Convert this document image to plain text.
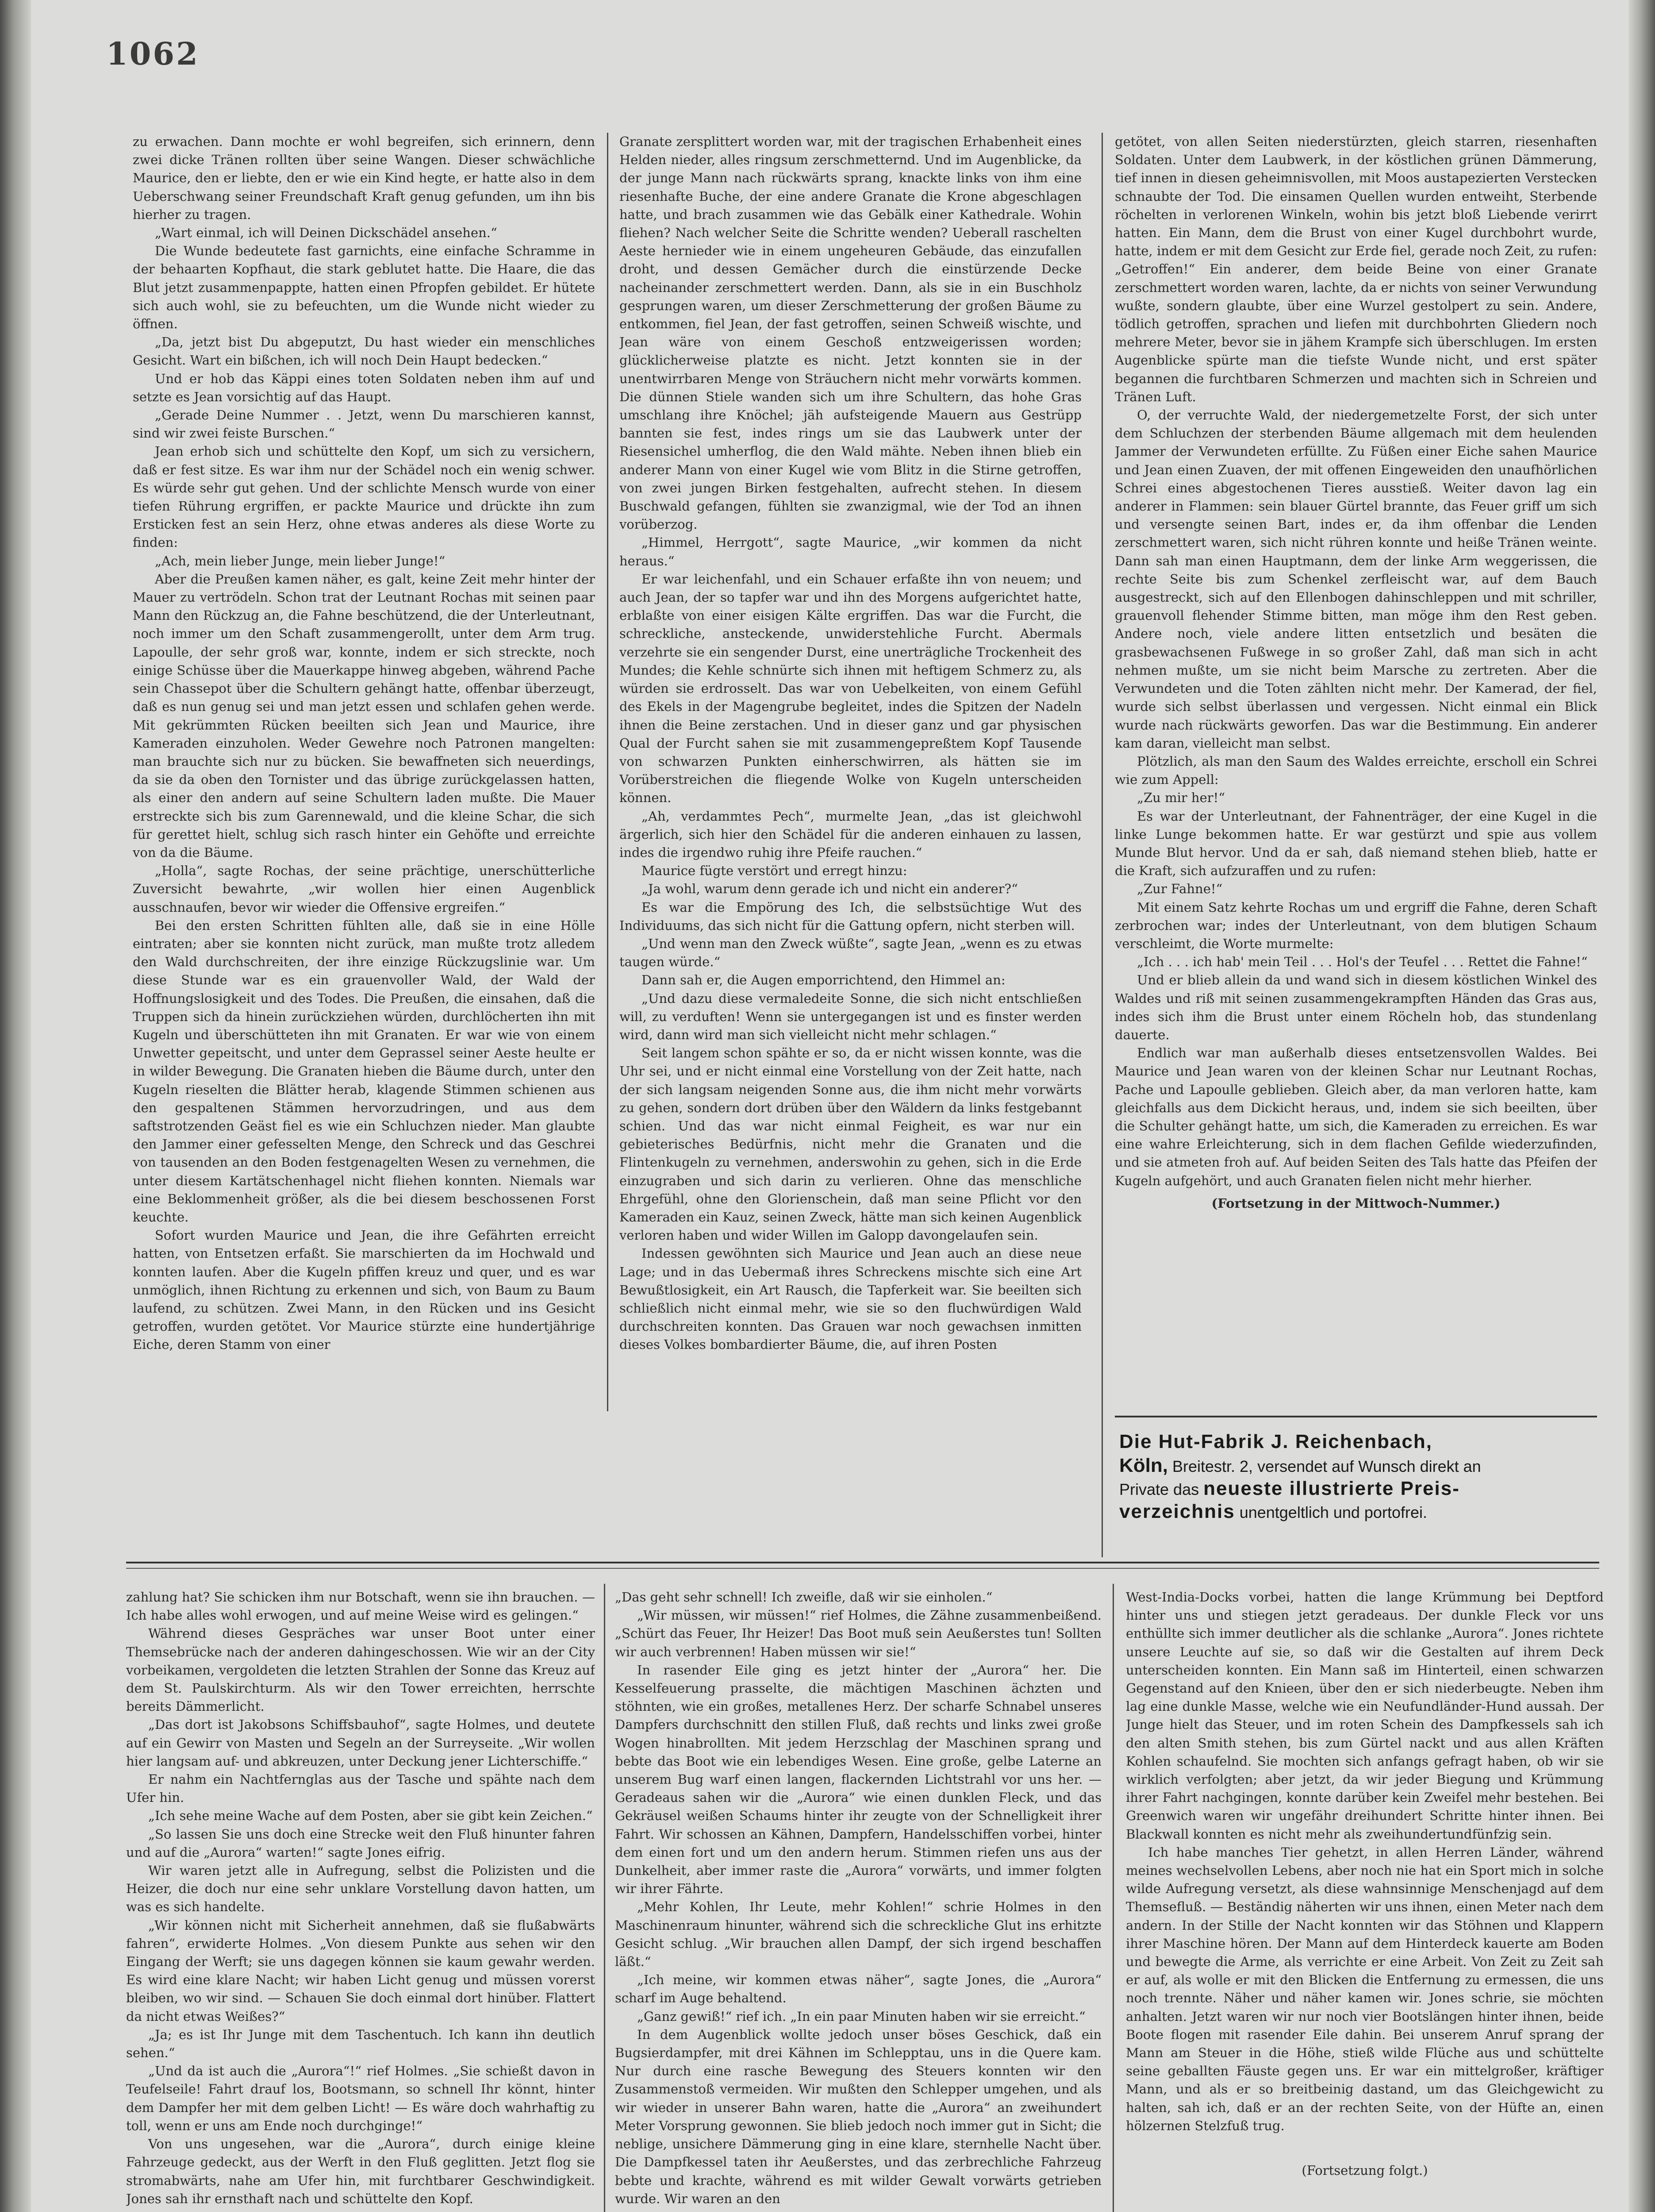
1062

zu erwachen. Dann mochte er wohl begreifen, sich erinnern, denn zwei dicke Tränen rollten über seine Wangen. Dieser schwächliche Maurice, den er liebte, den er wie ein Kind hegte, er hatte also in dem Ueberschwang seiner Freundschaft Kraft genug gefunden, um ihn bis hierher zu tragen.

„Wart einmal, ich will Deinen Dickschädel ansehen.“

Die Wunde bedeutete fast garnichts, eine einfache Schramme in der behaarten Kopfhaut, die stark geblutet hatte. Die Haare, die das Blut jetzt zusammenpappte, hatten einen Pfropfen gebildet. Er hütete sich auch wohl, sie zu befeuchten, um die Wunde nicht wieder zu öffnen.

„Da, jetzt bist Du abgeputzt, Du hast wieder ein menschliches Gesicht. Wart ein bißchen, ich will noch Dein Haupt bedecken.“

Und er hob das Käppi eines toten Soldaten neben ihm auf und setzte es Jean vorsichtig auf das Haupt.

„Gerade Deine Nummer . . Jetzt, wenn Du marschieren kannst, sind wir zwei feiste Burschen.“

Jean erhob sich und schüttelte den Kopf, um sich zu versichern, daß er fest sitze. Es war ihm nur der Schädel noch ein wenig schwer. Es würde sehr gut gehen. Und der schlichte Mensch wurde von einer tiefen Rührung ergriffen, er packte Maurice und drückte ihn zum Ersticken fest an sein Herz, ohne etwas anderes als diese Worte zu finden:

„Ach, mein lieber Junge, mein lieber Junge!“

Aber die Preußen kamen näher, es galt, keine Zeit mehr hinter der Mauer zu vertrödeln. Schon trat der Leutnant Rochas mit seinen paar Mann den Rückzug an, die Fahne beschützend, die der Unterleutnant, noch immer um den Schaft zusammengerollt, unter dem Arm trug. Lapoulle, der sehr groß war, konnte, indem er sich streckte, noch einige Schüsse über die Mauerkappe hinweg abgeben, während Pache sein Chassepot über die Schultern gehängt hatte, offenbar überzeugt, daß es nun genug sei und man jetzt essen und schlafen gehen werde. Mit gekrümmten Rücken beeilten sich Jean und Maurice, ihre Kameraden einzuholen. Weder Gewehre noch Patronen mangelten: man brauchte sich nur zu bücken. Sie bewaffneten sich neuerdings, da sie da oben den Tornister und das übrige zurückgelassen hatten, als einer den andern auf seine Schultern laden mußte. Die Mauer erstreckte sich bis zum Garennewald, und die kleine Schar, die sich für gerettet hielt, schlug sich rasch hinter ein Gehöfte und erreichte von da die Bäume.

„Holla“, sagte Rochas, der seine prächtige, unerschütterliche Zuversicht bewahrte, „wir wollen hier einen Augenblick ausschnaufen, bevor wir wieder die Offensive ergreifen.“

Bei den ersten Schritten fühlten alle, daß sie in eine Hölle eintraten; aber sie konnten nicht zurück, man mußte trotz alledem den Wald durchschreiten, der ihre einzige Rückzugslinie war. Um diese Stunde war es ein grauenvoller Wald, der Wald der Hoffnungslosigkeit und des Todes. Die Preußen, die einsahen, daß die Truppen sich da hinein zurückziehen würden, durchlöcherten ihn mit Kugeln und überschütteten ihn mit Granaten. Er war wie von einem Unwetter gepeitscht, und unter dem Geprassel seiner Aeste heulte er in wilder Bewegung. Die Granaten hieben die Bäume durch, unter den Kugeln rieselten die Blätter herab, klagende Stimmen schienen aus den gespaltenen Stämmen hervorzudringen, und aus dem saftstrotzenden Geäst fiel es wie ein Schluchzen nieder. Man glaubte den Jammer einer gefesselten Menge, den Schreck und das Geschrei von tausenden an den Boden festgenagelten Wesen zu vernehmen, die unter diesem Kartätschenhagel nicht fliehen konnten. Niemals war eine Beklommenheit größer, als die bei diesem beschossenen Forst keuchte.

Sofort wurden Maurice und Jean, die ihre Gefährten erreicht hatten, von Entsetzen erfaßt. Sie marschierten da im Hochwald und konnten laufen. Aber die Kugeln pfiffen kreuz und quer, und es war unmöglich, ihnen Richtung zu erkennen und sich, von Baum zu Baum laufend, zu schützen. Zwei Mann, in den Rücken und ins Gesicht getroffen, wurden getötet. Vor Maurice stürzte eine hundertjährige Eiche, deren Stamm von einer

Granate zersplittert worden war, mit der tragischen Erhabenheit eines Helden nieder, alles ringsum zerschmetternd. Und im Augenblicke, da der junge Mann nach rückwärts sprang, knackte links von ihm eine riesenhafte Buche, der eine andere Granate die Krone abgeschlagen hatte, und brach zusammen wie das Gebälk einer Kathedrale. Wohin fliehen? Nach welcher Seite die Schritte wenden? Ueberall raschelten Aeste hernieder wie in einem ungeheuren Gebäude, das einzufallen droht, und dessen Gemächer durch die einstürzende Decke nacheinander zerschmettert werden. Dann, als sie in ein Buschholz gesprungen waren, um dieser Zerschmetterung der großen Bäume zu entkommen, fiel Jean, der fast getroffen, seinen Schweiß wischte, und Jean wäre von einem Geschoß entzweigerissen worden; glücklicherweise platzte es nicht. Jetzt konnten sie in der unentwirrbaren Menge von Sträuchern nicht mehr vorwärts kommen. Die dünnen Stiele wanden sich um ihre Schultern, das hohe Gras umschlang ihre Knöchel; jäh aufsteigende Mauern aus Gestrüpp bannten sie fest, indes rings um sie das Laubwerk unter der Riesensichel umherflog, die den Wald mähte. Neben ihnen blieb ein anderer Mann von einer Kugel wie vom Blitz in die Stirne getroffen, von zwei jungen Birken festgehalten, aufrecht stehen. In diesem Buschwald gefangen, fühlten sie zwanzigmal, wie der Tod an ihnen vorüberzog.

„Himmel, Herrgott“, sagte Maurice, „wir kommen da nicht heraus.“

Er war leichenfahl, und ein Schauer erfaßte ihn von neuem; und auch Jean, der so tapfer war und ihn des Morgens aufgerichtet hatte, erblaßte von einer eisigen Kälte ergriffen. Das war die Furcht, die schreckliche, ansteckende, unwiderstehliche Furcht. Abermals verzehrte sie ein sengender Durst, eine unerträgliche Trockenheit des Mundes; die Kehle schnürte sich ihnen mit heftigem Schmerz zu, als würden sie erdrosselt. Das war von Uebelkeiten, von einem Gefühl des Ekels in der Magengrube begleitet, indes die Spitzen der Nadeln ihnen die Beine zerstachen. Und in dieser ganz und gar physischen Qual der Furcht sahen sie mit zusammengepreßtem Kopf Tausende von schwarzen Punkten einherschwirren, als hätten sie im Vorüberstreichen die fliegende Wolke von Kugeln unterscheiden können.

„Ah, verdammtes Pech“, murmelte Jean, „das ist gleichwohl ärgerlich, sich hier den Schädel für die anderen einhauen zu lassen, indes die irgendwo ruhig ihre Pfeife rauchen.“

Maurice fügte verstört und erregt hinzu:

„Ja wohl, warum denn gerade ich und nicht ein anderer?“

Es war die Empörung des Ich, die selbstsüchtige Wut des Individuums, das sich nicht für die Gattung opfern, nicht sterben will.

„Und wenn man den Zweck wüßte“, sagte Jean, „wenn es zu etwas taugen würde.“

Dann sah er, die Augen emporrichtend, den Himmel an:

„Und dazu diese vermaledeite Sonne, die sich nicht entschließen will, zu verduften! Wenn sie untergegangen ist und es finster werden wird, dann wird man sich vielleicht nicht mehr schlagen.“

Seit langem schon spähte er so, da er nicht wissen konnte, was die Uhr sei, und er nicht einmal eine Vorstellung von der Zeit hatte, nach der sich langsam neigenden Sonne aus, die ihm nicht mehr vorwärts zu gehen, sondern dort drüben über den Wäldern da links festgebannt schien. Und das war nicht einmal Feigheit, es war nur ein gebieterisches Bedürfnis, nicht mehr die Granaten und die Flintenkugeln zu vernehmen, anderswohin zu gehen, sich in die Erde einzugraben und sich darin zu verlieren. Ohne das menschliche Ehrgefühl, ohne den Glorienschein, daß man seine Pflicht vor den Kameraden ein Kauz, seinen Zweck, hätte man sich keinen Augenblick verloren haben und wider Willen im Galopp davongelaufen sein.

Indessen gewöhnten sich Maurice und Jean auch an diese neue Lage; und in das Uebermaß ihres Schreckens mischte sich eine Art Bewußtlosigkeit, ein Art Rausch, die Tapferkeit war. Sie beeilten sich schließlich nicht einmal mehr, wie sie so den fluchwürdigen Wald durchschreiten konnten. Das Grauen war noch gewachsen inmitten dieses Volkes bombardierter Bäume, die, auf ihren Posten

getötet, von allen Seiten niederstürzten, gleich starren, riesenhaften Soldaten. Unter dem Laubwerk, in der köstlichen grünen Dämmerung, tief innen in diesen geheimnisvollen, mit Moos austapezierten Verstecken schnaubte der Tod. Die einsamen Quellen wurden entweiht, Sterbende röchelten in verlorenen Winkeln, wohin bis jetzt bloß Liebende verirrt hatten. Ein Mann, dem die Brust von einer Kugel durchbohrt wurde, hatte, indem er mit dem Gesicht zur Erde fiel, gerade noch Zeit, zu rufen: „Getroffen!“ Ein anderer, dem beide Beine von einer Granate zerschmettert worden waren, lachte, da er nichts von seiner Verwundung wußte, sondern glaubte, über eine Wurzel gestolpert zu sein. Andere, tödlich getroffen, sprachen und liefen mit durchbohrten Gliedern noch mehrere Meter, bevor sie in jähem Krampfe sich überschlugen. Im ersten Augenblicke spürte man die tiefste Wunde nicht, und erst später begannen die furchtbaren Schmerzen und machten sich in Schreien und Tränen Luft.

O, der verruchte Wald, der niedergemetzelte Forst, der sich unter dem Schluchzen der sterbenden Bäume allgemach mit dem heulenden Jammer der Verwundeten erfüllte. Zu Füßen einer Eiche sahen Maurice und Jean einen Zuaven, der mit offenen Eingeweiden den unaufhörlichen Schrei eines abgestochenen Tieres ausstieß. Weiter davon lag ein anderer in Flammen: sein blauer Gürtel brannte, das Feuer griff um sich und versengte seinen Bart, indes er, da ihm offenbar die Lenden zerschmettert waren, sich nicht rühren konnte und heiße Tränen weinte. Dann sah man einen Hauptmann, dem der linke Arm weggerissen, die rechte Seite bis zum Schenkel zerfleischt war, auf dem Bauch ausgestreckt, sich auf den Ellenbogen dahinschleppen und mit schriller, grauenvoll flehender Stimme bitten, man möge ihm den Rest geben. Andere noch, viele andere litten entsetzlich und besäten die grasbewachsenen Fußwege in so großer Zahl, daß man sich in acht nehmen mußte, um sie nicht beim Marsche zu zertreten. Aber die Verwundeten und die Toten zählten nicht mehr. Der Kamerad, der fiel, wurde sich selbst überlassen und vergessen. Nicht einmal ein Blick wurde nach rückwärts geworfen. Das war die Bestimmung. Ein anderer kam daran, vielleicht man selbst.

Plötzlich, als man den Saum des Waldes erreichte, erscholl ein Schrei wie zum Appell:

„Zu mir her!“

Es war der Unterleutnant, der Fahnenträger, der eine Kugel in die linke Lunge bekommen hatte. Er war gestürzt und spie aus vollem Munde Blut hervor. Und da er sah, daß niemand stehen blieb, hatte er die Kraft, sich aufzuraffen und zu rufen:

„Zur Fahne!“

Mit einem Satz kehrte Rochas um und ergriff die Fahne, deren Schaft zerbrochen war; indes der Unterleutnant, von dem blutigen Schaum verschleimt, die Worte murmelte:

„Ich . . . ich hab' mein Teil . . . Hol's der Teufel . . . Rettet die Fahne!“

Und er blieb allein da und wand sich in diesem köstlichen Winkel des Waldes und riß mit seinen zusammengekrampften Händen das Gras aus, indes sich ihm die Brust unter einem Röcheln hob, das stundenlang dauerte.

Endlich war man außerhalb dieses entsetzensvollen Waldes. Bei Maurice und Jean waren von der kleinen Schar nur Leutnant Rochas, Pache und Lapoulle geblieben. Gleich aber, da man verloren hatte, kam gleichfalls aus dem Dickicht heraus, und, indem sie sich beeilten, über die Schulter gehängt hatte, um sich, die Kameraden zu erreichen. Es war eine wahre Erleichterung, sich in dem flachen Gefilde wiederzufinden, und sie atmeten froh auf. Auf beiden Seiten des Tals hatte das Pfeifen der Kugeln aufgehört, und auch Granaten fielen nicht mehr hierher.

(Fortsetzung in der Mittwoch-Nummer.)

Die Hut-Fabrik J. Reichenbach,
Köln, Breitestr. 2, versendet auf Wunsch direkt an
Private das neueste illustrierte Preis-
verzeichnis unentgeltlich und portofrei.

zahlung hat? Sie schicken ihm nur Botschaft, wenn sie ihn brauchen. — Ich habe alles wohl erwogen, und auf meine Weise wird es gelingen.“

Während dieses Gespräches war unser Boot unter einer Themsebrücke nach der anderen dahingeschossen. Wie wir an der City vorbeikamen, vergoldeten die letzten Strahlen der Sonne das Kreuz auf dem St. Paulskirchturm. Als wir den Tower erreichten, herrschte bereits Dämmerlicht.

„Das dort ist Jakobsons Schiffsbauhof“, sagte Holmes, und deutete auf ein Gewirr von Masten und Segeln an der Surreyseite. „Wir wollen hier langsam auf- und abkreuzen, unter Deckung jener Lichterschiffe.“

Er nahm ein Nachtfernglas aus der Tasche und spähte nach dem Ufer hin.

„Ich sehe meine Wache auf dem Posten, aber sie gibt kein Zeichen.“

„So lassen Sie uns doch eine Strecke weit den Fluß hinunter fahren und auf die „Aurora“ warten!“ sagte Jones eifrig.

Wir waren jetzt alle in Aufregung, selbst die Polizisten und die Heizer, die doch nur eine sehr unklare Vorstellung davon hatten, um was es sich handelte.

„Wir können nicht mit Sicherheit annehmen, daß sie flußabwärts fahren“, erwiderte Holmes. „Von diesem Punkte aus sehen wir den Eingang der Werft; sie uns dagegen können sie kaum gewahr werden. Es wird eine klare Nacht; wir haben Licht genug und müssen vorerst bleiben, wo wir sind. — Schauen Sie doch einmal dort hinüber. Flattert da nicht etwas Weißes?“

„Ja; es ist Ihr Junge mit dem Taschentuch. Ich kann ihn deutlich sehen.“

„Und da ist auch die „Aurora“!“ rief Holmes. „Sie schießt davon in Teufelseile! Fahrt drauf los, Bootsmann, so schnell Ihr könnt, hinter dem Dampfer her mit dem gelben Licht! — Es wäre doch wahrhaftig zu toll, wenn er uns am Ende noch durchginge!“

Von uns ungesehen, war die „Aurora“, durch einige kleine Fahrzeuge gedeckt, aus der Werft in den Fluß geglitten. Jetzt flog sie stromabwärts, nahe am Ufer hin, mit furchtbarer Geschwindigkeit. Jones sah ihr ernsthaft nach und schüttelte den Kopf.

„Das geht sehr schnell! Ich zweifle, daß wir sie einholen.“

„Wir müssen, wir müssen!“ rief Holmes, die Zähne zusammenbeißend. „Schürt das Feuer, Ihr Heizer! Das Boot muß sein Aeußerstes tun! Sollten wir auch verbrennen! Haben müssen wir sie!“

In rasender Eile ging es jetzt hinter der „Aurora“ her. Die Kesselfeuerung prasselte, die mächtigen Maschinen ächzten und stöhnten, wie ein großes, metallenes Herz. Der scharfe Schnabel unseres Dampfers durchschnitt den stillen Fluß, daß rechts und links zwei große Wogen hinabrollten. Mit jedem Herzschlag der Maschinen sprang und bebte das Boot wie ein lebendiges Wesen. Eine große, gelbe Laterne an unserem Bug warf einen langen, flackernden Lichtstrahl vor uns her. — Geradeaus sahen wir die „Aurora“ wie einen dunklen Fleck, und das Gekräusel weißen Schaums hinter ihr zeugte von der Schnelligkeit ihrer Fahrt. Wir schossen an Kähnen, Dampfern, Handelsschiffen vorbei, hinter dem einen fort und um den andern herum. Stimmen riefen uns aus der Dunkelheit, aber immer raste die „Aurora“ vorwärts, und immer folgten wir ihrer Fährte.

„Mehr Kohlen, Ihr Leute, mehr Kohlen!“ schrie Holmes in den Maschinenraum hinunter, während sich die schreckliche Glut ins erhitzte Gesicht schlug. „Wir brauchen allen Dampf, der sich irgend beschaffen läßt.“

„Ich meine, wir kommen etwas näher“, sagte Jones, die „Aurora“ scharf im Auge behaltend.

„Ganz gewiß!“ rief ich. „In ein paar Minuten haben wir sie erreicht.“

In dem Augenblick wollte jedoch unser böses Geschick, daß ein Bugsierdampfer, mit drei Kähnen im Schlepptau, uns in die Quere kam. Nur durch eine rasche Bewegung des Steuers konnten wir den Zusammenstoß vermeiden. Wir mußten den Schlepper umgehen, und als wir wieder in unserer Bahn waren, hatte die „Aurora“ an zweihundert Meter Vorsprung gewonnen. Sie blieb jedoch noch immer gut in Sicht; die neblige, unsichere Dämmerung ging in eine klare, sternhelle Nacht über. Die Dampfkessel taten ihr Aeußerstes, und das zerbrechliche Fahrzeug bebte und krachte, während es mit wilder Gewalt vorwärts getrieben wurde. Wir waren an den

West-India-Docks vorbei, hatten die lange Krümmung bei Deptford hinter uns und stiegen jetzt geradeaus. Der dunkle Fleck vor uns enthüllte sich immer deutlicher als die schlanke „Aurora“. Jones richtete unsere Leuchte auf sie, so daß wir die Gestalten auf ihrem Deck unterscheiden konnten. Ein Mann saß im Hinterteil, einen schwarzen Gegenstand auf den Knieen, über den er sich niederbeugte. Neben ihm lag eine dunkle Masse, welche wie ein Neufundländer-Hund aussah. Der Junge hielt das Steuer, und im roten Schein des Dampfkessels sah ich den alten Smith stehen, bis zum Gürtel nackt und aus allen Kräften Kohlen schaufelnd. Sie mochten sich anfangs gefragt haben, ob wir sie wirklich verfolgten; aber jetzt, da wir jeder Biegung und Krümmung ihrer Fahrt nachgingen, konnte darüber kein Zweifel mehr bestehen. Bei Greenwich waren wir ungefähr dreihundert Schritte hinter ihnen. Bei Blackwall konnten es nicht mehr als zweihundertundfünfzig sein.

Ich habe manches Tier gehetzt, in allen Herren Länder, während meines wechselvollen Lebens, aber noch nie hat ein Sport mich in solche wilde Aufregung versetzt, als diese wahnsinnige Menschenjagd auf dem Themsefluß. — Beständig näherten wir uns ihnen, einen Meter nach dem andern. In der Stille der Nacht konnten wir das Stöhnen und Klappern ihrer Maschine hören. Der Mann auf dem Hinterdeck kauerte am Boden und bewegte die Arme, als verrichte er eine Arbeit. Von Zeit zu Zeit sah er auf, als wolle er mit den Blicken die Entfernung zu ermessen, die uns noch trennte. Näher und näher kamen wir. Jones schrie, sie möchten anhalten. Jetzt waren wir nur noch vier Bootslängen hinter ihnen, beide Boote flogen mit rasender Eile dahin. Bei unserem Anruf sprang der Mann am Steuer in die Höhe, stieß wilde Flüche aus und schüttelte seine geballten Fäuste gegen uns. Er war ein mittelgroßer, kräftiger Mann, und als er so breitbeinig dastand, um das Gleichgewicht zu halten, sah ich, daß er an der rechten Seite, von der Hüfte an, einen hölzernen Stelzfuß trug.

(Fortsetzung folgt.)
